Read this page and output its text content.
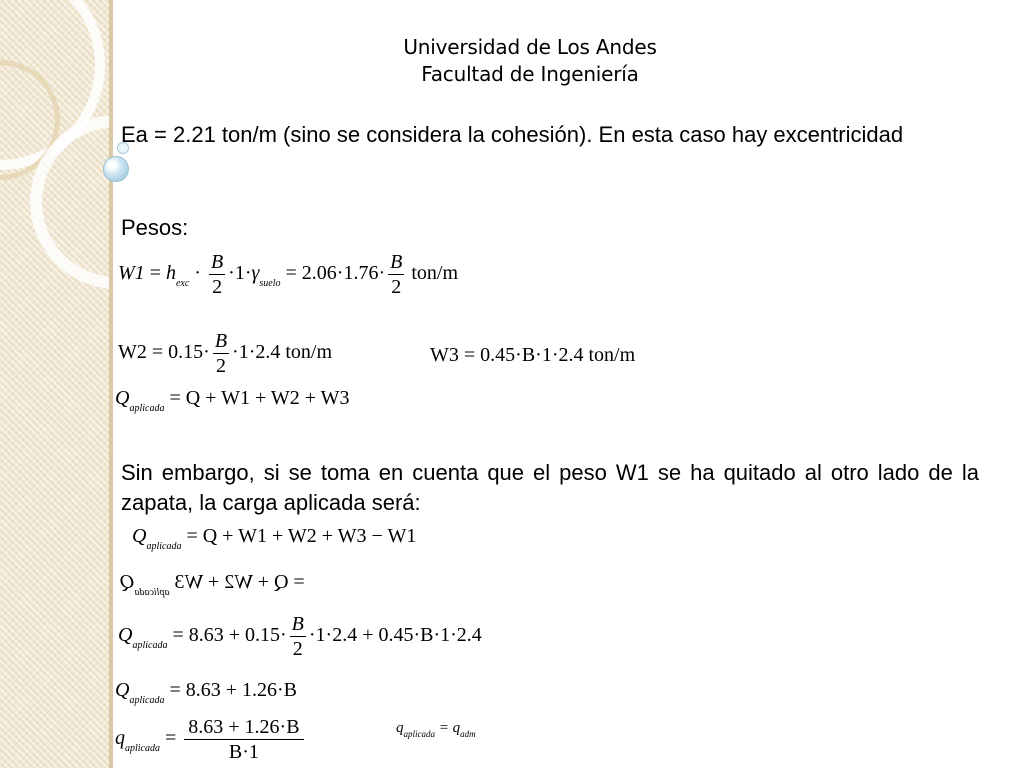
Universidad de Los Andes
Facultad de Ingeniería
Ea = 2.21 ton/m (sino se considera la cohesión). En esta caso hay excentricidad
Pesos:
$W1 = h_{exc} \cdot \frac{B}{2} \cdot 1\cdot\gamma_{suelo} = 2.06\cdot 1.76\cdot \frac{B}{2} ton/m$
$W2 = 0.15\cdot \frac{B}{2} \cdot 1\cdot 2.4$ ton/m	W3 = 0.45·B·1·2.4 ton/m
$Q_{aplicada} = Q + W1 + W2 + W3$
Sin embargo, si se toma en cuenta que el peso W1 se ha quitado al otro lado de la zapata, la carga aplicada será:
$Q_{aplicada} = Q + W1 + W2 + W3 - W1$
= Q + W2 + W3 $_{aplicada}$Q
$Q_{aplicada} = 8.63 + 0.15\cdot \frac{B}{2} \cdot 1\cdot 2.4 + 0.45\cdot B\cdot 1\cdot 2.4$
$Q_{aplicada} = 8.63 + 1.26\cdot B$
$q_{aplicada} = \frac{8.63 + 1.26\cdot B}{B\cdot 1}$	$q_{aplicada} = q_{adm}$
